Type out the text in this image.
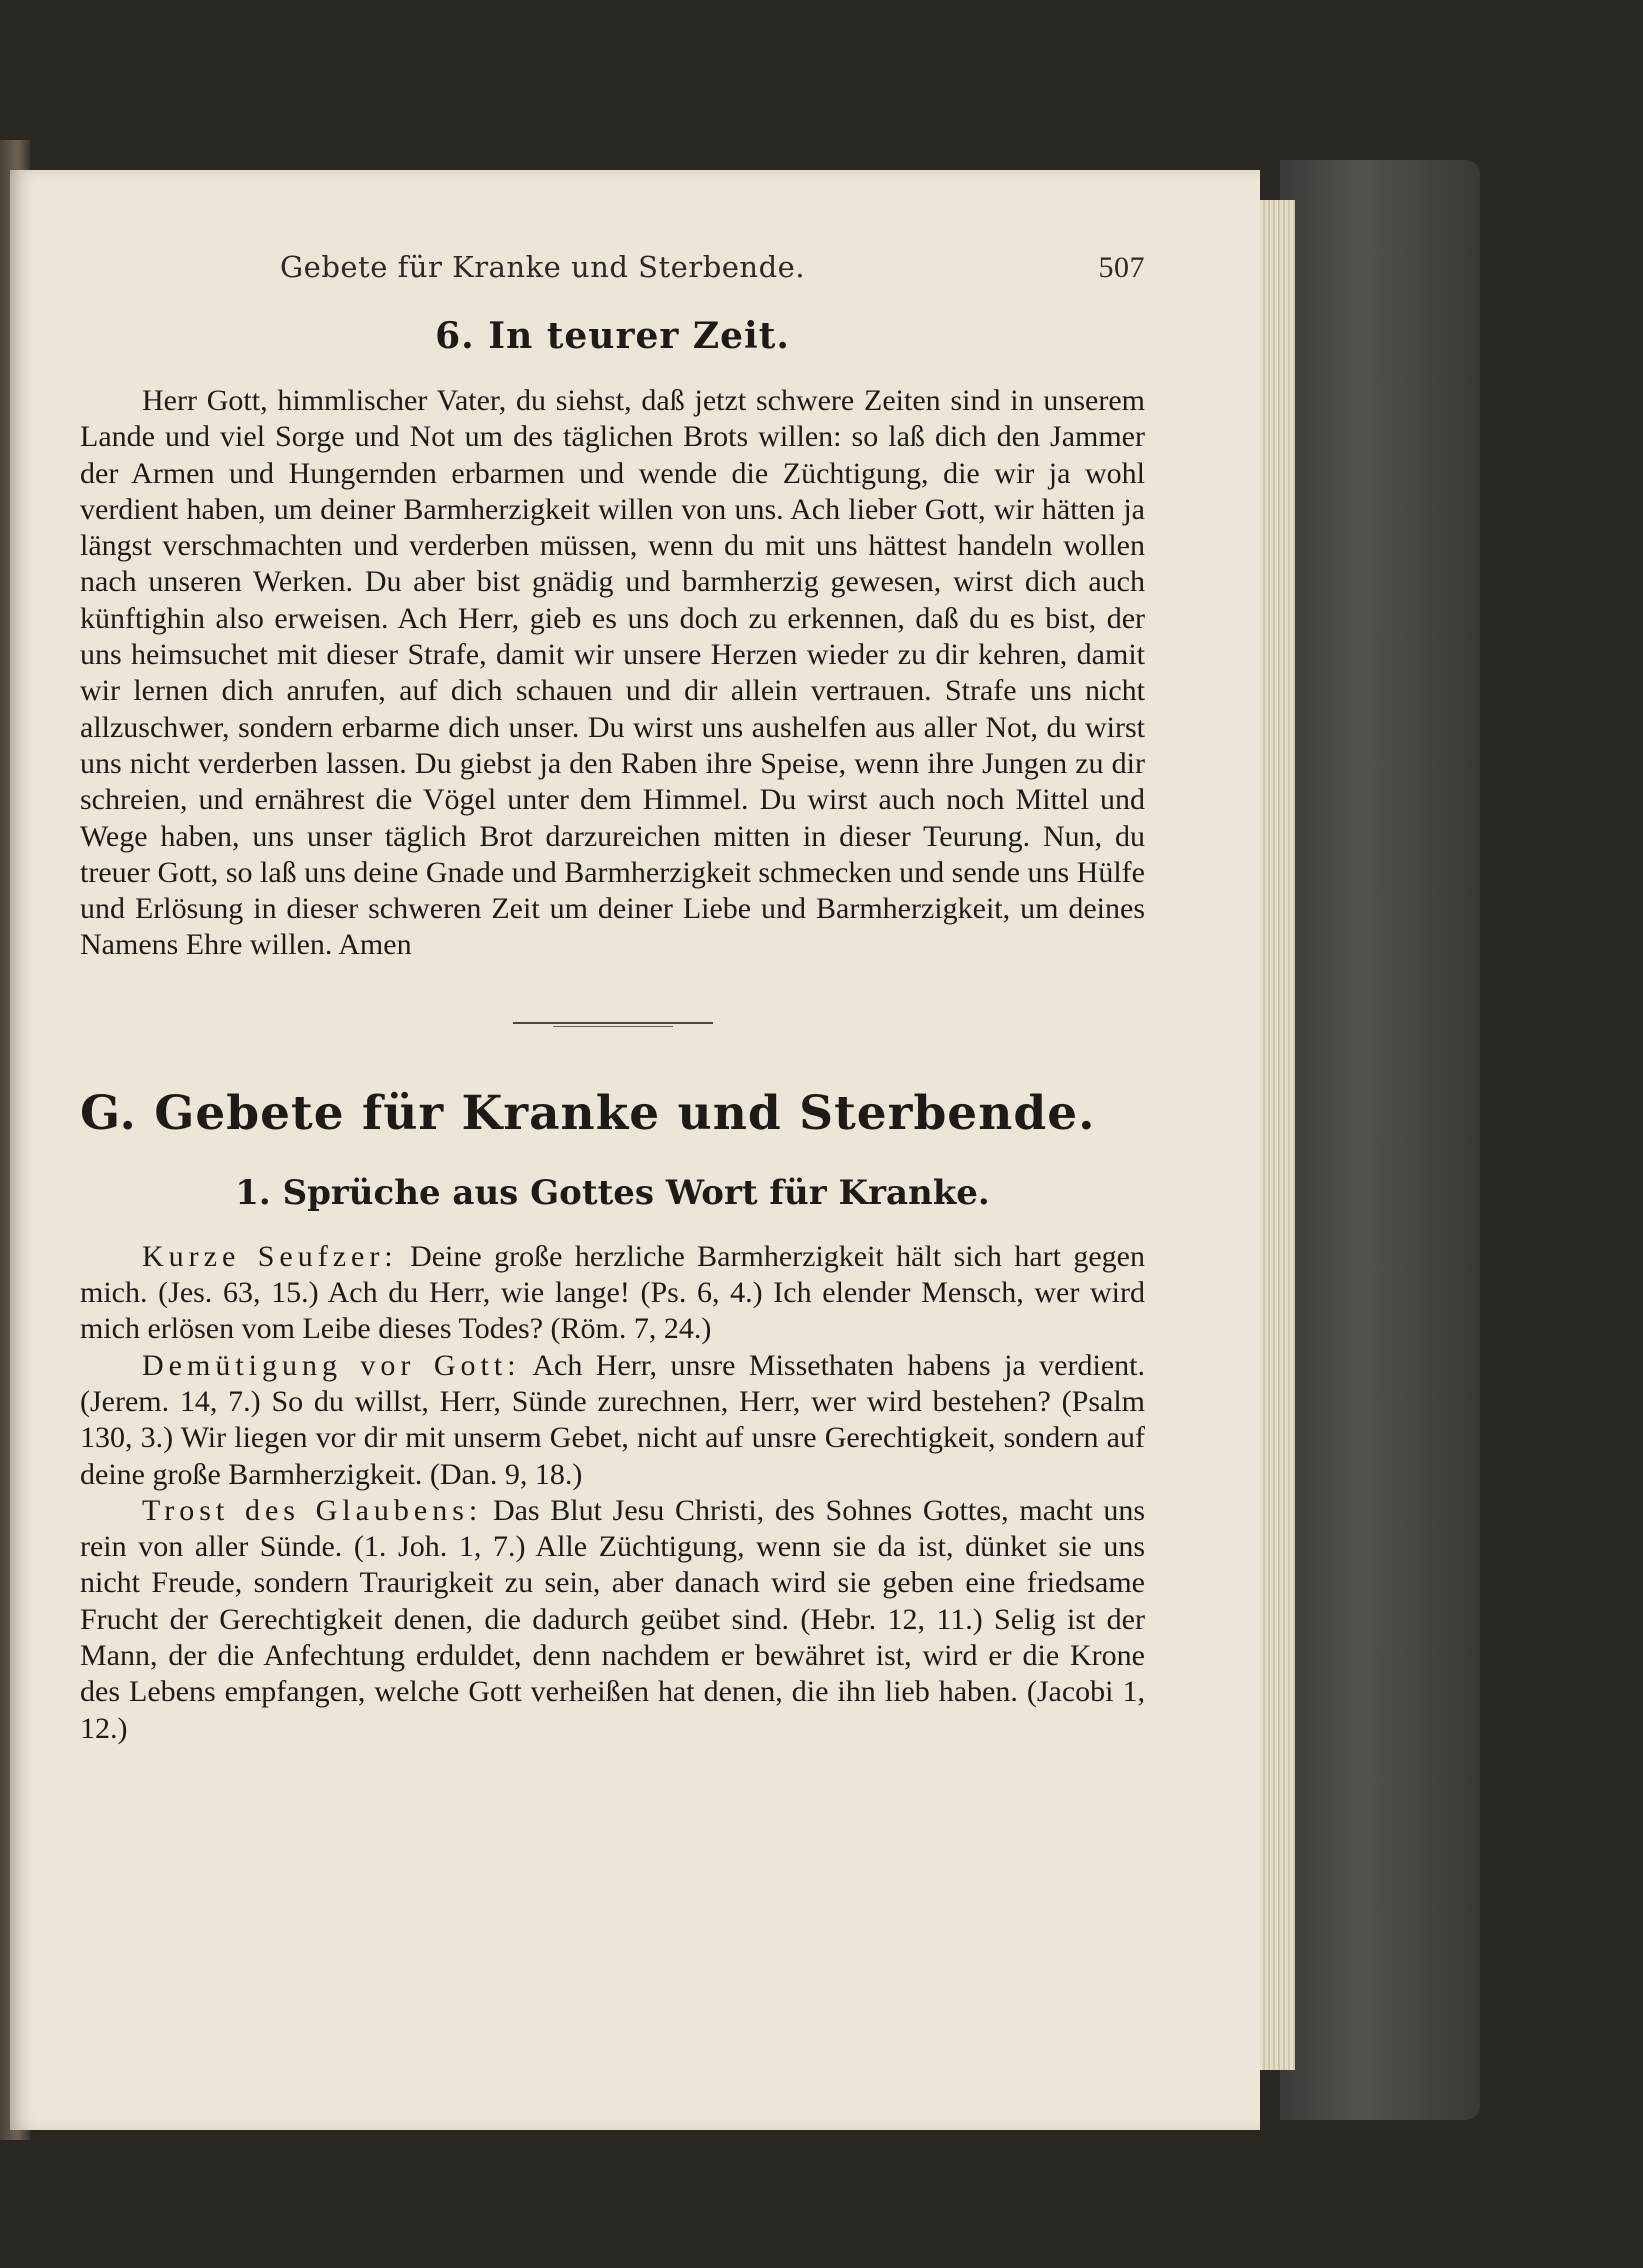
Gebete für Kranke und Sterbende.	507
6. In teurer Zeit.

Herr Gott, himmlischer Vater, du siehst, daß jetzt schwere Zeiten sind in unserem Lande und viel Sorge und Not um des täglichen Brots willen: so laß dich den Jammer der Armen und Hungernden erbarmen und wende die Züchtigung, die wir ja wohl verdient haben, um deiner Barmherzigkeit willen von uns. Ach lieber Gott, wir hätten ja längst verschmachten und verderben müssen, wenn du mit uns hättest handeln wollen nach unseren Werken. Du aber bist gnädig und barmherzig gewesen, wirst dich auch künftighin also erweisen. Ach Herr, gieb es uns doch zu erkennen, daß du es bist, der uns heimsuchet mit dieser Strafe, damit wir unsere Herzen wieder zu dir kehren, damit wir lernen dich anrufen, auf dich schauen und dir allein vertrauen. Strafe uns nicht allzuschwer, sondern erbarme dich unser. Du wirst uns aushelfen aus aller Not, du wirst uns nicht verderben lassen. Du giebst ja den Raben ihre Speise, wenn ihre Jungen zu dir schreien, und ernährest die Vögel unter dem Himmel. Du wirst auch noch Mittel und Wege haben, uns unser täglich Brot darzureichen mitten in dieser Teurung. Nun, du treuer Gott, so laß uns deine Gnade und Barmherzigkeit schmecken und sende uns Hülfe und Erlösung in dieser schweren Zeit um deiner Liebe und Barmherzigkeit, um deines Namens Ehre willen. Amen

G. Gebete für Kranke und Sterbende.
1. Sprüche aus Gottes Wort für Kranke.

Kurze Seufzer: Deine große herzliche Barmherzigkeit hält sich hart gegen mich. (Jes. 63, 15.) Ach du Herr, wie lange! (Ps. 6, 4.) Ich elender Mensch, wer wird mich erlösen vom Leibe dieses Todes? (Röm. 7, 24.)

Demütigung vor Gott: Ach Herr, unsre Missethaten habens ja verdient. (Jerem. 14, 7.) So du willst, Herr, Sünde zurechnen, Herr, wer wird bestehen? (Psalm 130, 3.) Wir liegen vor dir mit unserm Gebet, nicht auf unsre Gerechtigkeit, sondern auf deine große Barmherzigkeit. (Dan. 9, 18.)

Trost des Glaubens: Das Blut Jesu Christi, des Sohnes Gottes, macht uns rein von aller Sünde. (1. Joh. 1, 7.) Alle Züchtigung, wenn sie da ist, dünket sie uns nicht Freude, sondern Traurigkeit zu sein, aber danach wird sie geben eine friedsame Frucht der Gerechtigkeit denen, die dadurch geübet sind. (Hebr. 12, 11.) Selig ist der Mann, der die Anfechtung erduldet, denn nachdem er bewähret ist, wird er die Krone des Lebens empfangen, welche Gott verheißen hat denen, die ihn lieb haben. (Jacobi 1, 12.)
